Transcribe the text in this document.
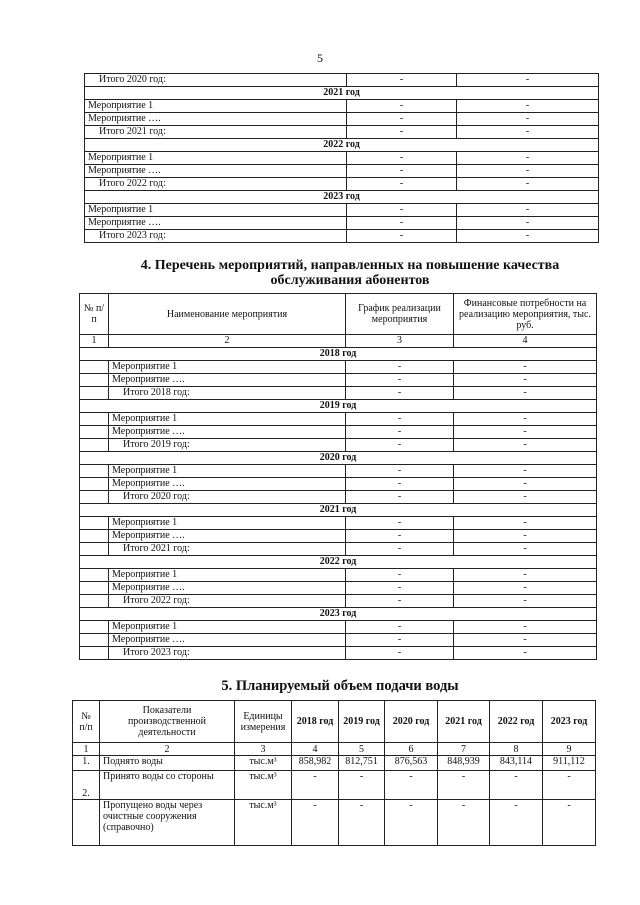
5
Итого 2020 год:	-	-
2021 год		
Мероприятие 1	-	-
Мероприятие ….	-	-
Итого 2021 год:	-	-
2022 год		
Мероприятие 1	-	-
Мероприятие ….	-	-
Итого 2022 год:	-	-
2023 год		
Мероприятие 1	-	-
Мероприятие ….	-	-
Итого 2023 год:	-	-
4. Перечень мероприятий, направленных на повышение качества обслуживания абонентов
№ п/п	Наименование мероприятия	График реализации мероприятия	Финансовые потребности на реализацию мероприятия, тыс. руб.
1	2	3	4
2018 год			
	Мероприятие 1	-	-
	Мероприятие ….	-	-
	Итого 2018 год:	-	-
2019 год			
	Мероприятие 1	-	-
	Мероприятие ….	-	-
	Итого 2019 год:	-	-
2020 год			
	Мероприятие 1	-	-
	Мероприятие ….	-	-
	Итого 2020 год:	-	-
2021 год			
	Мероприятие 1	-	-
	Мероприятие ….	-	-
	Итого 2021 год:	-	-
2022 год			
	Мероприятие 1	-	-
	Мероприятие ….	-	-
	Итого 2022 год:	-	-
2023 год			
	Мероприятие 1	-	-
	Мероприятие ….	-	-
	Итого 2023 год:	-	-
5. Планируемый объем подачи воды
№ п/п	Показатели производственной деятельности	Единицы измерения	2018 год	2019 год	2020 год	2021 год	2022 год	2023 год
1	2	3	4	5	6	7	8	9
1.	Поднято воды	тыс.м³	858,982	812,751	876,563	848,939	843,114	911,112
2.	Принято воды со стороны	тыс.м³	-	-	-	-	-	-
	Пропущено воды через очистные сооружения (справочно)	тыс.м³	-	-	-	-	-	-
